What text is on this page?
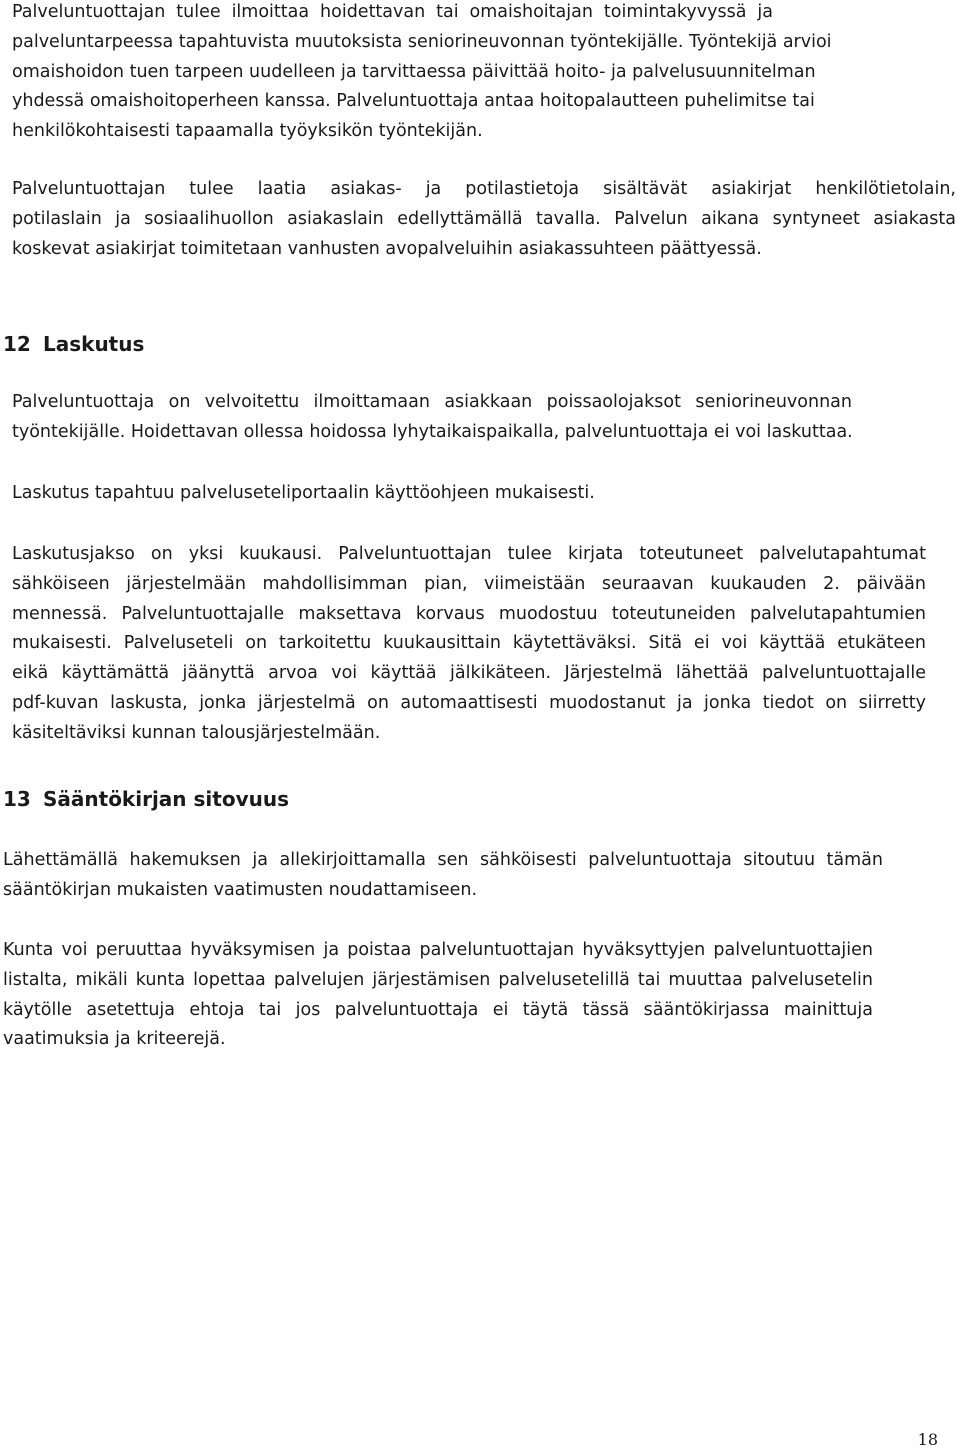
Palveluntuottajan tulee ilmoittaa hoidettavan tai omaishoitajan toimintakyvyssä ja
palveluntarpeessa tapahtuvista muutoksista seniorineuvonnan työntekijälle. Työntekijä arvioi
omaishoidon tuen tarpeen uudelleen ja tarvittaessa päivittää hoito- ja palvelusuunnitelman
yhdessä omaishoitoperheen kanssa. Palveluntuottaja antaa hoitopalautteen puhelimitse tai
henkilökohtaisesti tapaamalla työyksikön työntekijän.
Palveluntuottajan tulee laatia asiakas- ja potilastietoja sisältävät asiakirjat henkilötietolain,
potilaslain ja sosiaalihuollon asiakaslain edellyttämällä tavalla. Palvelun aikana syntyneet asiakasta
koskevat asiakirjat toimitetaan vanhusten avopalveluihin asiakassuhteen päättyessä.
12 Laskutus
Palveluntuottaja on velvoitettu ilmoittamaan asiakkaan poissaolojaksot seniorineuvonnan
työntekijälle. Hoidettavan ollessa hoidossa lyhytaikaispaikalla, palveluntuottaja ei voi laskuttaa.
Laskutus tapahtuu palveluseteliportaalin käyttöohjeen mukaisesti.
Laskutusjakso on yksi kuukausi. Palveluntuottajan tulee kirjata toteutuneet palvelutapahtumat
sähköiseen järjestelmään mahdollisimman pian, viimeistään seuraavan kuukauden 2. päivään
mennessä. Palveluntuottajalle maksettava korvaus muodostuu toteutuneiden palvelutapahtumien
mukaisesti. Palveluseteli on tarkoitettu kuukausittain käytettäväksi. Sitä ei voi käyttää etukäteen
eikä käyttämättä jäänyttä arvoa voi käyttää jälkikäteen. Järjestelmä lähettää palveluntuottajalle
pdf-kuvan laskusta, jonka järjestelmä on automaattisesti muodostanut ja jonka tiedot on siirretty
käsiteltäviksi kunnan talousjärjestelmään.
13 Sääntökirjan sitovuus
Lähettämällä hakemuksen ja allekirjoittamalla sen sähköisesti palveluntuottaja sitoutuu tämän
sääntökirjan mukaisten vaatimusten noudattamiseen.
Kunta voi peruuttaa hyväksymisen ja poistaa palveluntuottajan hyväksyttyjen palveluntuottajien
listalta, mikäli kunta lopettaa palvelujen järjestämisen palvelusetelillä tai muuttaa palvelusetelin
käytölle asetettuja ehtoja tai jos palveluntuottaja ei täytä tässä sääntökirjassa mainittuja
vaatimuksia ja kriteerejä.
18
